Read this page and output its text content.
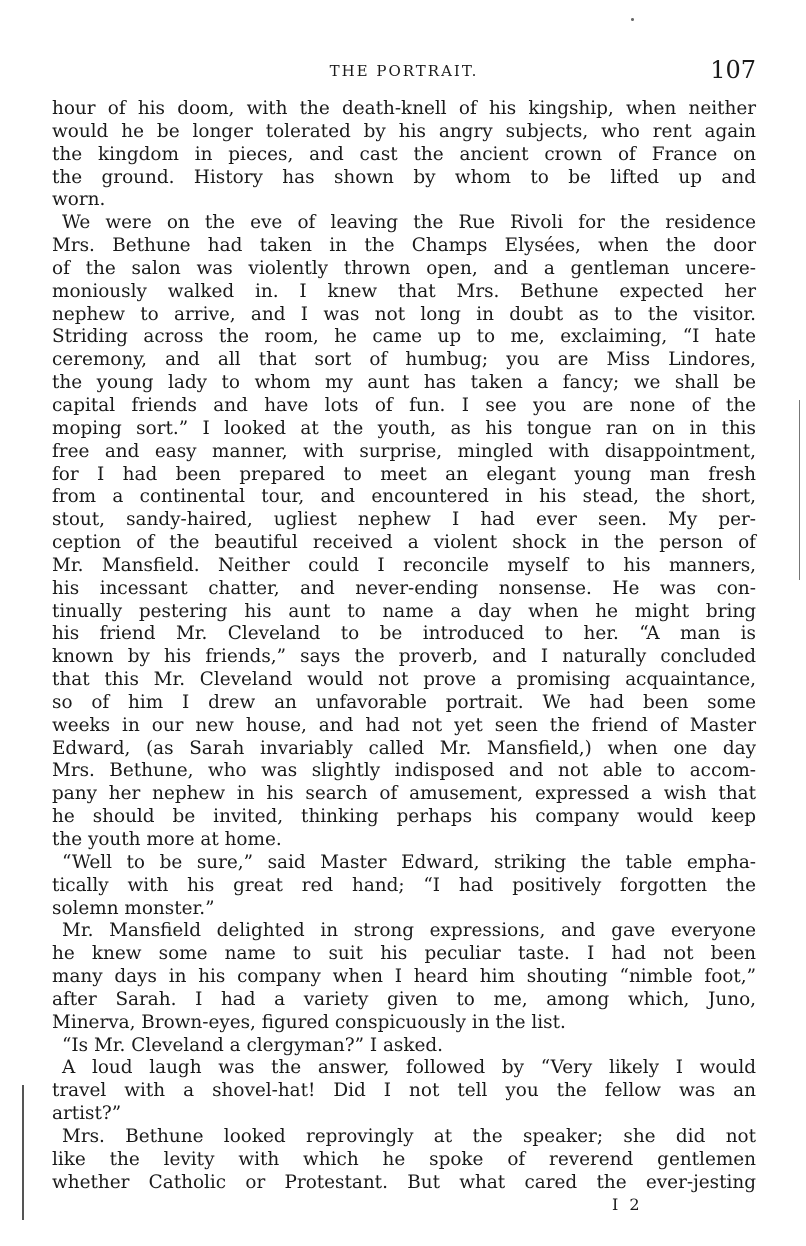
THE PORTRAIT.	107
hour of his doom, with the death-knell of his kingship, when neither
would he be longer tolerated by his angry subjects, who rent again
the kingdom in pieces, and cast the ancient crown of France on
the ground. History has shown by whom to be lifted up and
worn.
We were on the eve of leaving the Rue Rivoli for the residence
Mrs. Bethune had taken in the Champs Elysées, when the door
of the salon was violently thrown open, and a gentleman uncere-
moniously walked in. I knew that Mrs. Bethune expected her
nephew to arrive, and I was not long in doubt as to the visitor.
Striding across the room, he came up to me, exclaiming, “I hate
ceremony, and all that sort of humbug; you are Miss Lindores,
the young lady to whom my aunt has taken a fancy; we shall be
capital friends and have lots of fun. I see you are none of the
moping sort.” I looked at the youth, as his tongue ran on in this
free and easy manner, with surprise, mingled with disappointment,
for I had been prepared to meet an elegant young man fresh
from a continental tour, and encountered in his stead, the short,
stout, sandy-haired, ugliest nephew I had ever seen. My per-
ception of the beautiful received a violent shock in the person of
Mr. Mansfield. Neither could I reconcile myself to his manners,
his incessant chatter, and never-ending nonsense. He was con-
tinually pestering his aunt to name a day when he might bring
his friend Mr. Cleveland to be introduced to her. “A man is
known by his friends,” says the proverb, and I naturally concluded
that this Mr. Cleveland would not prove a promising acquaintance,
so of him I drew an unfavorable portrait. We had been some
weeks in our new house, and had not yet seen the friend of Master
Edward, (as Sarah invariably called Mr. Mansfield,) when one day
Mrs. Bethune, who was slightly indisposed and not able to accom-
pany her nephew in his search of amusement, expressed a wish that
he should be invited, thinking perhaps his company would keep
the youth more at home.
“Well to be sure,” said Master Edward, striking the table empha-
tically with his great red hand; “I had positively forgotten the
solemn monster.”
Mr. Mansfield delighted in strong expressions, and gave everyone
he knew some name to suit his peculiar taste. I had not been
many days in his company when I heard him shouting “nimble foot,”
after Sarah. I had a variety given to me, among which, Juno,
Minerva, Brown-eyes, figured conspicuously in the list.
“Is Mr. Cleveland a clergyman?” I asked.
A loud laugh was the answer, followed by “Very likely I would
travel with a shovel-hat! Did I not tell you the fellow was an
artist?”
Mrs. Bethune looked reprovingly at the speaker; she did not
like the levity with which he spoke of reverend gentlemen
whether Catholic or Protestant. But what cared the ever-jesting
I 2
